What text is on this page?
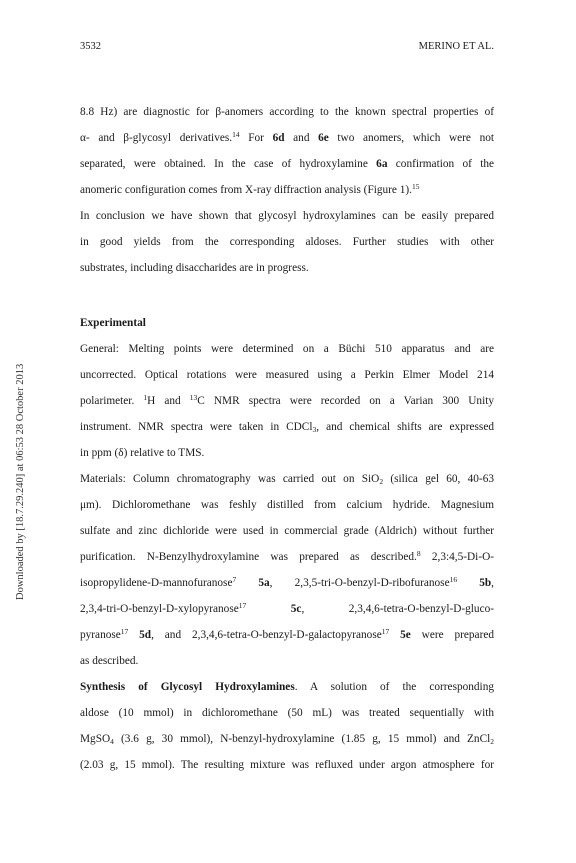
3532	MERINO ET AL.
Downloaded by [18.7.29.240] at 06:53 28 October 2013
8.8 Hz) are diagnostic for β-anomers according to the known spectral properties of
α- and β-glycosyl derivatives.$^{14}$ For 6d and 6e two anomers, which were not
separated, were obtained. In the case of hydroxylamine 6a confirmation of the
anomeric configuration comes from X-ray diffraction analysis (Figure 1).$^{15}$
In conclusion we have shown that glycosyl hydroxylamines can be easily prepared
in good yields from the corresponding aldoses. Further studies with other
substrates, including disaccharides are in progress.
Experimental
General: Melting points were determined on a Büchi 510 apparatus and are
uncorrected. Optical rotations were measured using a Perkin Elmer Model 214
polarimeter. $^1$H and $^{13}$C NMR spectra were recorded on a Varian 300 Unity
instrument. NMR spectra were taken in CDCl$_3$, and chemical shifts are expressed
in ppm (δ) relative to TMS.
Materials: Column chromatography was carried out on SiO$_2$ (silica gel 60, 40-63
μm). Dichloromethane was feshly distilled from calcium hydride. Magnesium
sulfate and zinc dichloride were used in commercial grade (Aldrich) without further
purification. N-Benzylhydroxylamine was prepared as described.$^8$ 2,3:4,5-Di-O-
isopropylidene-D-mannofuranose$^7$ 5a, 2,3,5-tri-O-benzyl-D-ribofuranose$^{16}$ 5b,
2,3,4-tri-O-benzyl-D-xylopyranose$^{17}$	5c, 2,3,4,6-tetra-O-benzyl-D-gluco-
pyranose$^{17}$ 5d, and 2,3,4,6-tetra-O-benzyl-D-galactopyranose$^{17}$ 5e were prepared
as described.
Synthesis of Glycosyl Hydroxylamines. A solution of the corresponding
aldose (10 mmol) in dichloromethane (50 mL) was treated sequentially with
MgSO$_4$ (3.6 g, 30 mmol), N-benzyl-hydroxylamine (1.85 g, 15 mmol) and ZnCl$_2$
(2.03 g, 15 mmol). The resulting mixture was refluxed under argon atmosphere for
